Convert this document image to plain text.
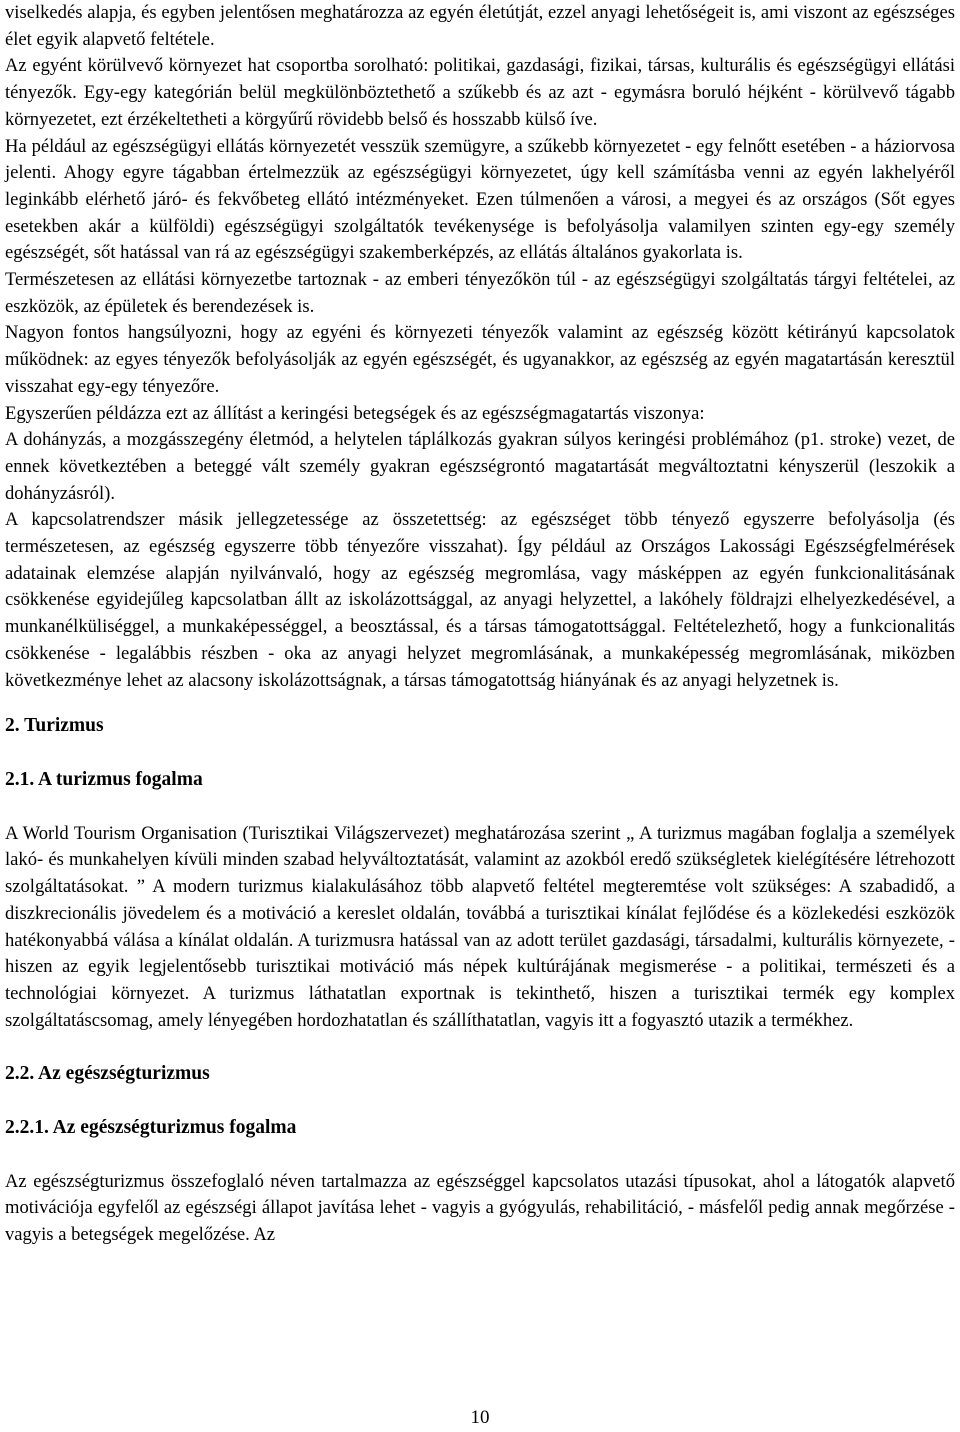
viselkedés alapja, és egyben jelentősen meghatározza az egyén életútját, ezzel anyagi lehetőségeit is, ami viszont az egészséges élet egyik alapvető feltétele.

Az egyént körülvevő környezet hat csoportba sorolható: politikai, gazdasági, fizikai, társas, kulturális és egészségügyi ellátási tényezők. Egy-egy kategórián belül megkülönböztethető a szűkebb és az azt - egymásra boruló héjként - körülvevő tágabb környezetet, ezt érzékeltetheti a körgyűrű rövidebb belső és hosszabb külső íve.

Ha például az egészségügyi ellátás környezetét vesszük szemügyre, a szűkebb környezetet - egy felnőtt esetében - a háziorvosa jelenti. Ahogy egyre tágabban értelmezzük az egészségügyi környezetet, úgy kell számításba venni az egyén lakhelyéről leginkább elérhető járó- és fekvőbeteg ellátó intézményeket. Ezen túlmenően a városi, a megyei és az országos (Sőt egyes esetekben akár a külföldi) egészségügyi szolgáltatók tevékenysége is befolyásolja valamilyen szinten egy-egy személy egészségét, sőt hatással van rá az egészségügyi szakemberképzés, az ellátás általános gyakorlata is.

Természetesen az ellátási környezetbe tartoznak - az emberi tényezőkön túl - az egészségügyi szolgáltatás tárgyi feltételei, az eszközök, az épületek és berendezések is.

Nagyon fontos hangsúlyozni, hogy az egyéni és környezeti tényezők valamint az egészség között kétirányú kapcsolatok működnek: az egyes tényezők befolyásolják az egyén egészségét, és ugyanakkor, az egészség az egyén magatartásán keresztül visszahat egy-egy tényezőre.

Egyszerűen példázza ezt az állítást a keringési betegségek és az egészségmagatartás viszonya:

A dohányzás, a mozgásszegény életmód, a helytelen táplálkozás gyakran súlyos keringési problémához (p1. stroke) vezet, de ennek következtében a beteggé vált személy gyakran egészségrontó magatartását megváltoztatni kényszerül (leszokik a dohányzásról).

A kapcsolatrendszer másik jellegzetessége az összetettség: az egészséget több tényező egyszerre befolyásolja (és természetesen, az egészség egyszerre több tényezőre visszahat). Így például az Országos Lakossági Egészségfelmérések adatainak elemzése alapján nyilvánvaló, hogy az egészség megromlása, vagy másképpen az egyén funkcionalitásának csökkenése egyidejűleg kapcsolatban állt az iskolázottsággal, az anyagi helyzettel, a lakóhely földrajzi elhelyezkedésével, a munkanélküliséggel, a munkaképességgel, a beosztással, és a társas támogatottsággal. Feltételezhető, hogy a funkcionalitás csökkenése - legalábbis részben - oka az anyagi helyzet megromlásának, a munkaképesség megromlásának, miközben következménye lehet az alacsony iskolázottságnak, a társas támogatottság hiányának és az anyagi helyzetnek is.

2. Turizmus
2.1. A turizmus fogalma

A World Tourism Organisation (Turisztikai Világszervezet) meghatározása szerint „ A turizmus magában foglalja a személyek lakó- és munkahelyen kívüli minden szabad helyváltoztatását, valamint az azokból eredő szükségletek kielégítésére létrehozott szolgáltatásokat. ” A modern turizmus kialakulásához több alapvető feltétel megteremtése volt szükséges: A szabadidő, a diszkrecionális jövedelem és a motiváció a kereslet oldalán, továbbá a turisztikai kínálat fejlődése és a közlekedési eszközök hatékonyabbá válása a kínálat oldalán. A turizmusra hatással van az adott terület gazdasági, társadalmi, kulturális környezete, - hiszen az egyik legjelentősebb turisztikai motiváció más népek kultúrájának megismerése - a politikai, természeti és a technológiai környezet. A turizmus láthatatlan exportnak is tekinthető, hiszen a turisztikai termék egy komplex szolgáltatáscsomag, amely lényegében hordozhatatlan és szállíthatatlan, vagyis itt a fogyasztó utazik a termékhez.

2.2. Az egészségturizmus
2.2.1. Az egészségturizmus fogalma

Az egészségturizmus összefoglaló néven tartalmazza az egészséggel kapcsolatos utazási típusokat, ahol a látogatók alapvető motivációja egyfelől az egészségi állapot javítása lehet - vagyis a gyógyulás, rehabilitáció, - másfelől pedig annak megőrzése - vagyis a betegségek megelőzése. Az

10
